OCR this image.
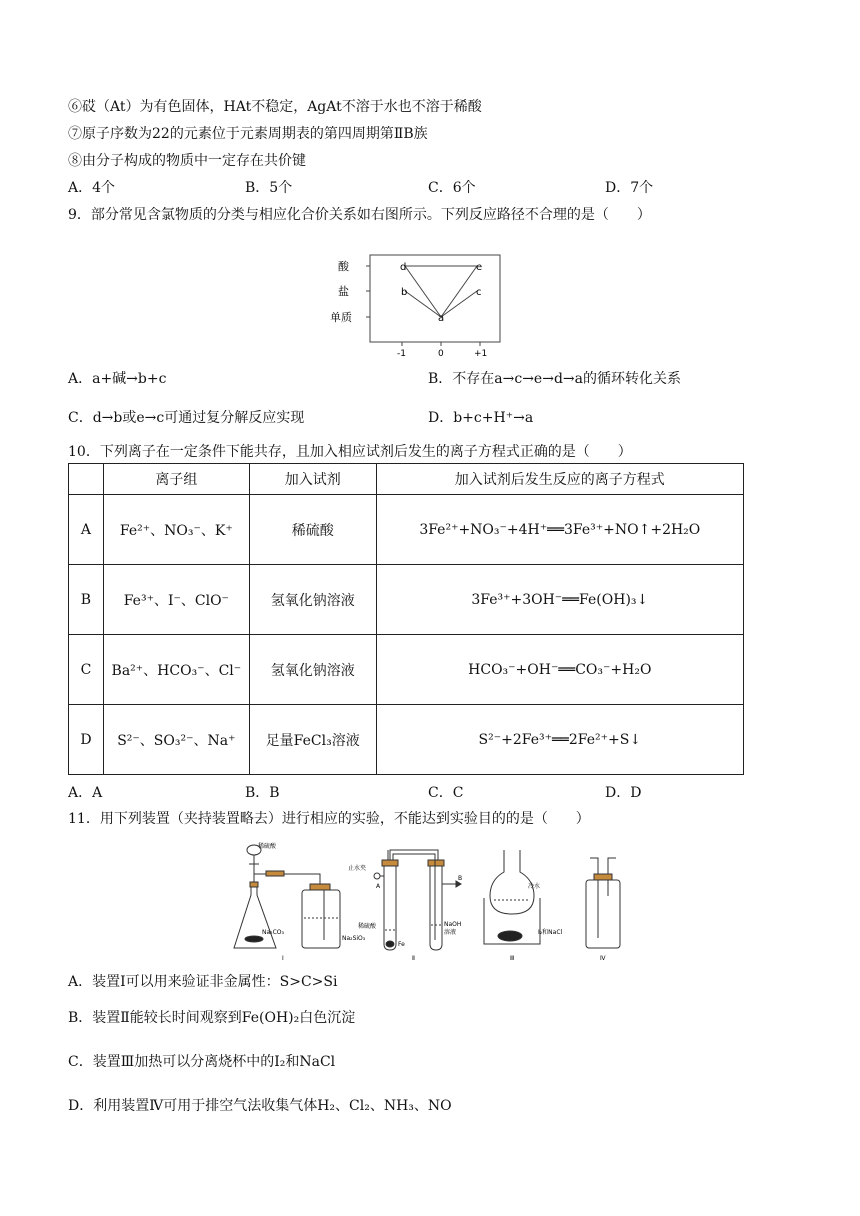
⑥砹（At）为有色固体，HAt不稳定，AgAt不溶于水也不溶于稀酸
⑦原子序数为22的元素位于元素周期表的第四周期第ⅡB族
⑧由分子构成的物质中一定存在共价键
A．4个	B．5个	C．6个	D．7个
9．部分常见含氯物质的分类与相应化合价关系如右图所示。下列反应路径不合理的是（　　）
酸
盐
单质
-1	0	+1
d
b
a
e
c
A．a+碱→b+c	B．不存在a→c→e→d→a的循环转化关系
C．d→b或e→c可通过复分解反应实现	D．b+c+H⁺→a
10．下列离子在一定条件下能共存，且加入相应试剂后发生的离子方程式正确的是（　　）
	离子组	加入试剂	加入试剂后发生反应的离子方程式
A	Fe²⁺、NO₃⁻、K⁺	稀硫酸	3Fe²⁺+NO₃⁻+4H⁺══3Fe³⁺+NO↑+2H₂O
B	Fe³⁺、I⁻、ClO⁻	氢氧化钠溶液	3Fe³⁺+3OH⁻══Fe(OH)₃↓
C	Ba²⁺、HCO₃⁻、Cl⁻	氢氧化钠溶液	HCO₃⁻+OH⁻══CO₃⁻+H₂O
D	S²⁻、SO₃²⁻、Na⁺	足量FeCl₃溶液	S²⁻+2Fe³⁺══2Fe²⁺+S↓
A．A	B．B	C．C	D．D
11．用下列装置（夹持装置略去）进行相应的实验，不能达到实验目的的是（　　）
稀硫酸
Na₂CO₃
Na₂SiO₃
Ⅰ
止水夹
A
B
稀硫酸
Fe
NaOH
溶液
Ⅱ
冷水
I₂和NaCl
Ⅲ	Ⅳ
A．装置Ⅰ可以用来验证非金属性：S>C>Si
B．装置Ⅱ能较长时间观察到Fe(OH)₂白色沉淀
C．装置Ⅲ加热可以分离烧杯中的I₂和NaCl
D．利用装置Ⅳ可用于排空气法收集气体H₂、Cl₂、NH₃、NO
